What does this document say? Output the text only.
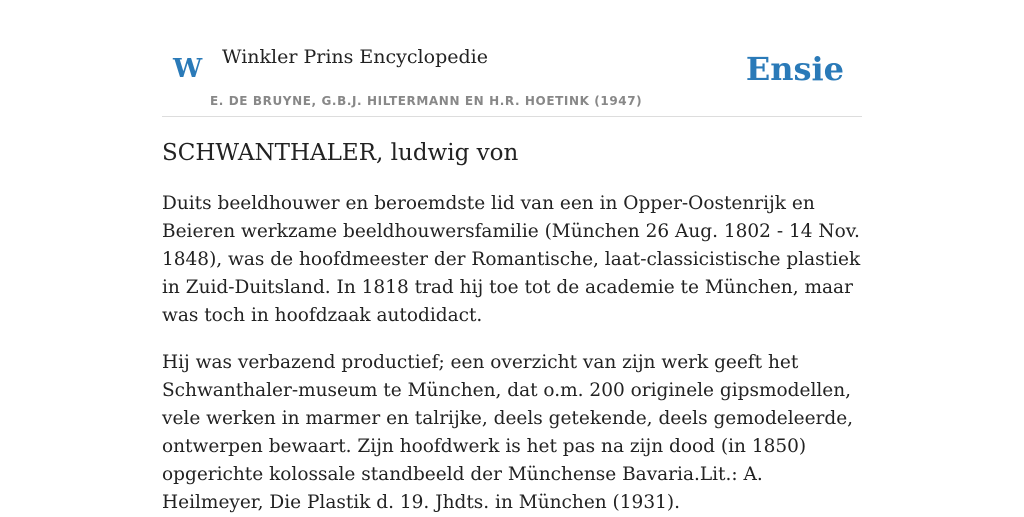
W Winkler Prins Encyclopedie
E. DE BRUYNE, G.B.J. HILTERMANN EN H.R. HOETINK (1947)
Ensie
SCHWANTHALER, ludwig von

Duits beeldhouwer en beroemdste lid van een in Opper-Oostenrijk en Beieren werkzame beeldhouwersfamilie (München 26 Aug. 1802 - 14 Nov. 1848), was de hoofdmeester der Romantische, laat-classicistische plastiek in Zuid-Duitsland. In 1818 trad hij toe tot de academie te München, maar was toch in hoofdzaak autodidact.

Hij was verbazend productief; een overzicht van zijn werk geeft het Schwanthaler-museum te München, dat o.m. 200 originele gipsmodellen, vele werken in marmer en talrijke, deels getekende, deels gemodeleerde, ontwerpen bewaart. Zijn hoofdwerk is het pas na zijn dood (in 1850) opgerichte kolossale standbeeld der Münchense Bavaria.Lit.: A. Heilmeyer, Die Plastik d. 19. Jhdts. in München (1931).
